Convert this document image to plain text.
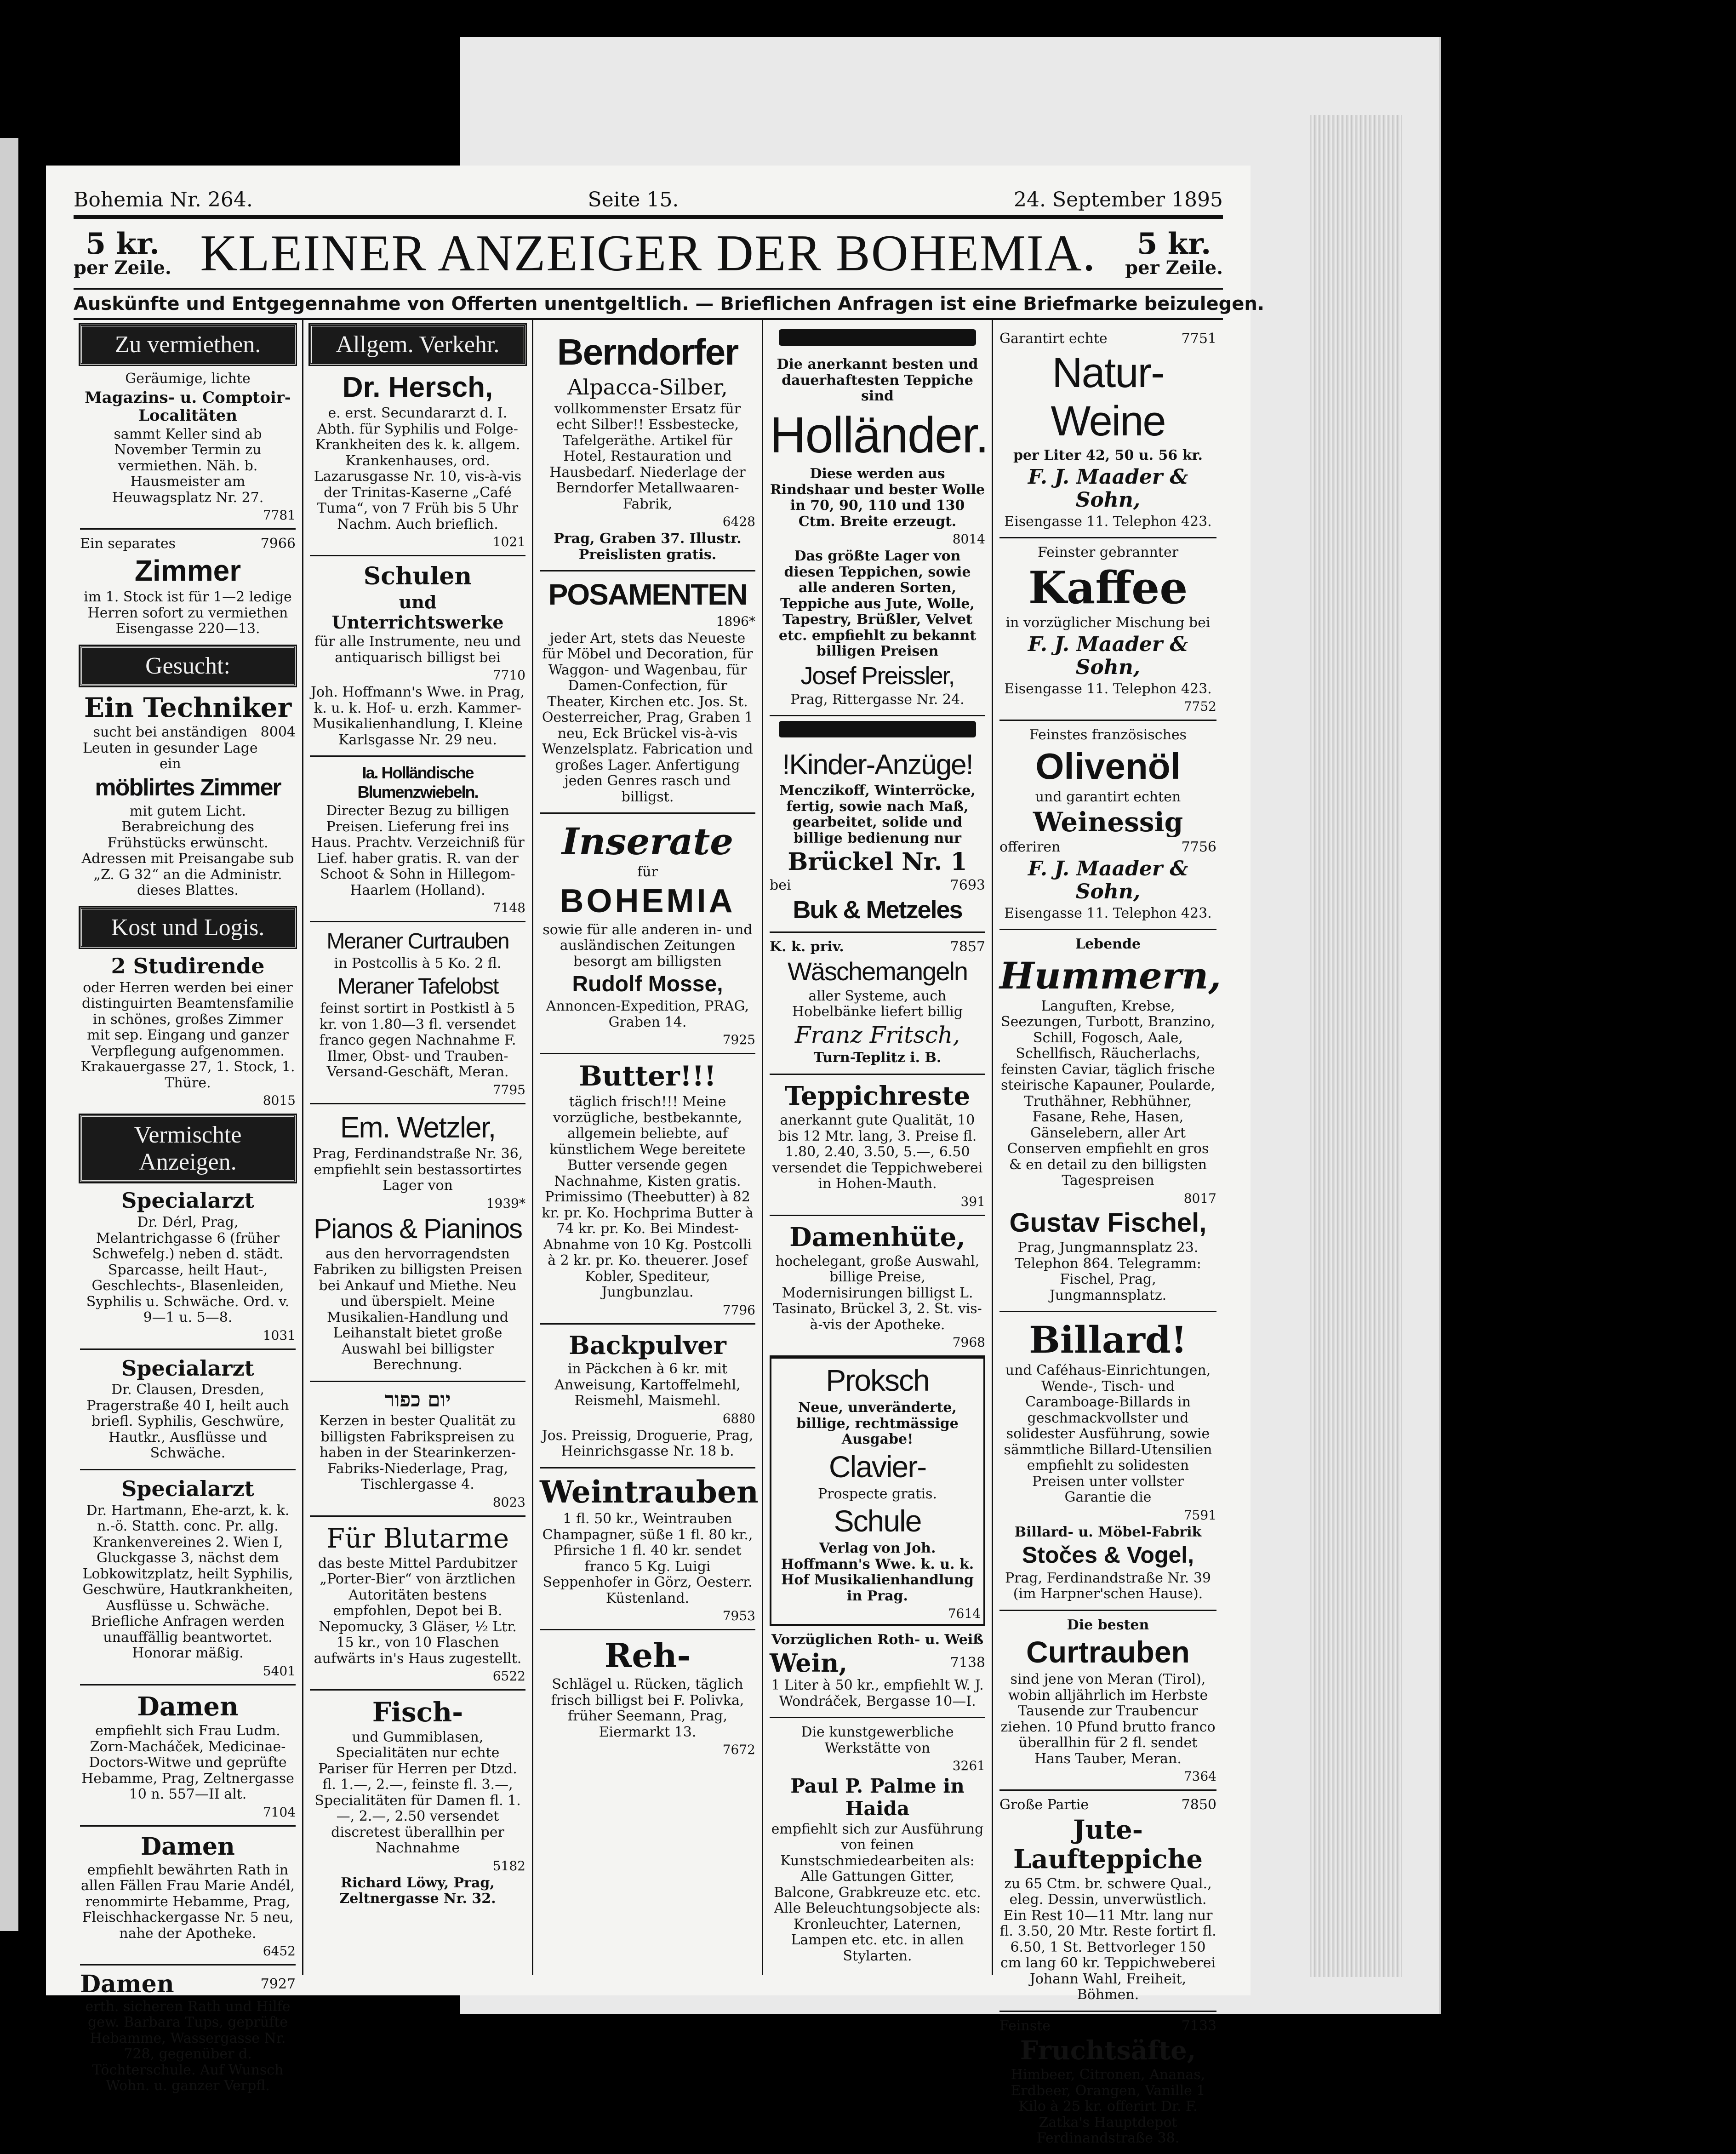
Bohemia Nr. 264.	Seite 15.	24. September 1895
5 kr.
per Zeile. KLEINER ANZEIGER DER BOHEMIA.	5 kr.
per Zeile.
Auskünfte und Entgegennahme von Offerten unentgeltlich. — Brieflichen Anfragen ist eine Briefmarke beizulegen.
Zu vermiethen.

Geräumige, lichte

Magazins- u. Comptoir-Localitäten

sammt Keller sind ab November Termin zu vermiethen. Näh. b. Hausmeister am Heuwagsplatz Nr. 27.

7781

Ein separates	7966

Zimmer

im 1. Stock ist für 1—2 ledige Herren sofort zu vermiethen Eisengasse 220—13.

Gesucht:

Ein Techniker

sucht bei anständigen Leuten in gesunder Lage ein
8004

möblirtes Zimmer

mit gutem Licht. Berabreichung des Frühstücks erwünscht. Adressen mit Preisangabe sub „Z. G 32“ an die Administr. dieses Blattes.

Kost und Logis.

2 Studirende

oder Herren werden bei einer distinguirten Beamtensfamilie in schönes, großes Zimmer mit sep. Eingang und ganzer Verpflegung aufgenommen. Krakauergasse 27, 1. Stock, 1. Thüre.

8015
Vermischte Anzeigen.

Specialarzt

Dr. Dérl, Prag, Melantrichgasse 6 (früher Schwefelg.) neben d. städt. Sparcasse, heilt Haut-, Geschlechts-, Blasenleiden, Syphilis u. Schwäche. Ord. v. 9—1 u. 5—8.

1031

Specialarzt

Dr. Clausen, Dresden, Pragerstraße 40 I, heilt auch briefl. Syphilis, Geschwüre, Hautkr., Ausflüsse und Schwäche.

Specialarzt

Dr. Hartmann, Ehe-arzt, k. k. n.-ö. Statth. conc. Pr. allg. Krankenvereines 2. Wien I, Gluckgasse 3, nächst dem Lobkowitzplatz, heilt Syphilis, Geschwüre, Hautkrankheiten, Ausflüsse u. Schwäche. Briefliche Anfragen werden unauffällig beantwortet. Honorar mäßig.

5401

Damen

empfiehlt sich Frau Ludm. Zorn-Macháček, Medicinae-Doctors-Witwe und geprüfte Hebamme, Prag, Zeltnergasse 10 n. 557—II alt.

7104

Damen

empfiehlt bewährten Rath in allen Fällen Frau Marie Andél, renommirte Hebamme, Prag, Fleischhackergasse Nr. 5 neu, nahe der Apotheke.

6452

Damen	7927

erth. sicheren Rath und Hilfe gew. Barbara Tups, geprüfte Hebamme, Wassergasse Nr. 728, gegenüber d. Töchterschule. Auf Wunsch Wohn. u. ganzer Verpfl.

Allgem. Verkehr.

Dr. Hersch,

e. erst. Secundararzt d. I. Abth. für Syphilis und Folge-Krankheiten des k. k. allgem. Krankenhauses, ord. Lazarusgasse Nr. 10, vis-à-vis der Trinitas-Kaserne „Café Tuma“, von 7 Früh bis 5 Uhr Nachm. Auch brieflich.

1021

Schulen

und Unterrichtswerke

für alle Instrumente, neu und antiquarisch billigst bei

7710

Joh. Hoffmann's Wwe. in Prag, k. u. k. Hof- u. erzh. Kammer-Musikalienhandlung, I. Kleine Karlsgasse Nr. 29 neu.

Ia. Holländische Blumenzwiebeln.

Directer Bezug zu billigen Preisen. Lieferung frei ins Haus. Prachtv. Verzeichniß für Lief. haber gratis. R. van der Schoot & Sohn in Hillegom-Haarlem (Holland).

7148

Meraner Curtrauben

in Postcollis à 5 Ko. 2 fl.

Meraner Tafelobst

feinst sortirt in Postkistl à 5 kr. von 1.80—3 fl. versendet franco gegen Nachnahme F. Ilmer, Obst- und Trauben-Versand-Geschäft, Meran.

7795

Em. Wetzler,

Prag, Ferdinandstraße Nr. 36, empfiehlt sein bestassortirtes Lager von

1939*

Pianos & Pianinos

aus den hervorragendsten Fabriken zu billigsten Preisen bei Ankauf und Miethe. Neu und überspielt. Meine Musikalien-Handlung und Leihanstalt bietet große Auswahl bei billigster Berechnung.

יום כפור

Kerzen in bester Qualität zu billigsten Fabrikspreisen zu haben in der Stearinkerzen-Fabriks-Niederlage, Prag, Tischlergasse 4.

8023

Für Blutarme

das beste Mittel Pardubitzer „Porter-Bier“ von ärztlichen Autoritäten bestens empfohlen, Depot bei B. Nepomucky, 3 Gläser, ½ Ltr. 15 kr., von 10 Flaschen aufwärts in's Haus zugestellt.

6522

Fisch-

und Gummiblasen, Specialitäten nur echte Pariser für Herren per Dtzd. fl. 1.—, 2.—, feinste fl. 3.—, Specialitäten für Damen fl. 1.—, 2.—, 2.50 versendet discretest überallhin per Nachnahme

5182

Richard Löwy, Prag, Zeltnergasse Nr. 32.

Berndorfer

Alpacca-Silber,

vollkommenster Ersatz für echt Silber!! Essbestecke, Tafelgeräthe. Artikel für Hotel, Restauration und Hausbedarf. Niederlage der Berndorfer Metallwaaren-Fabrik,

6428

Prag, Graben 37. Illustr. Preislisten gratis.

POSAMENTEN

1896*

jeder Art, stets das Neueste für Möbel und Decoration, für Waggon- und Wagenbau, für Damen-Confection, für Theater, Kirchen etc. Jos. St. Oesterreicher, Prag, Graben 1 neu, Eck Brückel vis-à-vis Wenzelsplatz. Fabrication und großes Lager. Anfertigung jeden Genres rasch und billigst.

Inserate

für

BOHEMIA

sowie für alle anderen in- und ausländischen Zeitungen besorgt am billigsten

Rudolf Mosse,

Annoncen-Expedition, PRAG, Graben 14.

7925

Butter!!!

täglich frisch!!! Meine vorzügliche, bestbekannte, allgemein beliebte, auf künstlichem Wege bereitete Butter versende gegen Nachnahme, Kisten gratis. Primissimo (Theebutter) à 82 kr. pr. Ko. Hochprima Butter à 74 kr. pr. Ko. Bei Mindest-Abnahme von 10 Kg. Postcolli à 2 kr. pr. Ko. theuerer. Josef Kobler, Spediteur, Jungbunzlau.

7796

Backpulver

in Päckchen à 6 kr. mit Anweisung, Kartoffelmehl, Reismehl, Maismehl.

6880

Jos. Preissig, Droguerie, Prag, Heinrichsgasse Nr. 18 b.

Weintrauben

1 fl. 50 kr., Weintrauben Champagner, süße 1 fl. 80 kr., Pfirsiche 1 fl. 40 kr. sendet franco 5 Kg. Luigi Seppenhofer in Görz, Oesterr. Küstenland.

7953

Reh-

Schlägel u. Rücken, täglich frisch billigst bei F. Polivka, früher Seemann, Prag, Eiermarkt 13.

7672

Die anerkannt besten und dauerhaftesten Teppiche sind

Holländer.

Diese werden aus Rindshaar und bester Wolle in 70, 90, 110 und 130 Ctm. Breite erzeugt.

8014

Das größte Lager von diesen Teppichen, sowie alle anderen Sorten, Teppiche aus Jute, Wolle, Tapestry, Brüßler, Velvet etc. empfiehlt zu bekannt billigen Preisen

Josef Preissler,

Prag, Rittergasse Nr. 24.

!Kinder-Anzüge!

Menczikoff, Winterröcke, fertig, sowie nach Maß, gearbeitet, solide und billige bedienung nur

Brückel Nr. 1

bei	7693

Buk & Metzeles

K. k. priv.	7857

Wäschemangeln

aller Systeme, auch Hobelbänke liefert billig

Franz Fritsch,

Turn-Teplitz i. B.

Teppichreste

anerkannt gute Qualität, 10 bis 12 Mtr. lang, 3. Preise fl. 1.80, 2.40, 3.50, 5.—, 6.50 versendet die Teppichweberei in Hohen-Mauth.

391

Damenhüte,

hochelegant, große Auswahl, billige Preise, Modernisirungen billigst L. Tasinato, Brückel 3, 2. St. vis-à-vis der Apotheke.

7968

Proksch

Neue, unveränderte, billige, rechtmässige Ausgabe!

Clavier-

Prospecte gratis.

Schule

Verlag von Joh. Hoffmann's Wwe. k. u. k. Hof Musikalienhandlung in Prag.

7614

Vorzüglichen Roth- u. Weiß

Wein,	7138

1 Liter à 50 kr., empfiehlt W. J. Wondráček, Bergasse 10—I.

Die kunstgewerbliche Werkstätte von

3261

Paul P. Palme in Haida

empfiehlt sich zur Ausführung von feinen Kunstschmiedearbeiten als: Alle Gattungen Gitter, Balcone, Grabkreuze etc. etc. Alle Beleuchtungsobjecte als: Kronleuchter, Laternen, Lampen etc. etc. in allen Stylarten.

Garantirt echte	7751

Natur-Weine

per Liter 42, 50 u. 56 kr.

F. J. Maader & Sohn,

Eisengasse 11. Telephon 423.

Feinster gebrannter

Kaffee

in vorzüglicher Mischung bei

F. J. Maader & Sohn,

Eisengasse 11. Telephon 423.

7752

Feinstes französisches

Olivenöl

und garantirt echten

Weinessig

offeriren	7756

F. J. Maader & Sohn,

Eisengasse 11. Telephon 423.

Lebende

Hummern,

Languften, Krebse, Seezungen, Turbott, Branzino, Schill, Fogosch, Aale, Schellfisch, Räucherlachs, feinsten Caviar, täglich frische steirische Kapauner, Poularde, Truthähner, Rebhühner, Fasane, Rehe, Hasen, Gänselebern, aller Art Conserven empfiehlt en gros & en detail zu den billigsten Tagespreisen

8017

Gustav Fischel,

Prag, Jungmannsplatz 23. Telephon 864. Telegramm: Fischel, Prag, Jungmannsplatz.

Billard!

und Caféhaus-Einrichtungen, Wende-, Tisch- und Caramboage-Billards in geschmackvollster und solidester Ausführung, sowie sämmtliche Billard-Utensilien empfiehlt zu solidesten Preisen unter vollster Garantie die

7591

Billard- u. Möbel-Fabrik

Stočes & Vogel,

Prag, Ferdinandstraße Nr. 39 (im Harpner'schen Hause).

Die besten

Curtrauben

sind jene von Meran (Tirol), wobin alljährlich im Herbste Tausende zur Traubencur ziehen. 10 Pfund brutto franco überallhin für 2 fl. sendet Hans Tauber, Meran.

7364

Große Partie	7850

Jute-Laufteppiche

zu 65 Ctm. br. schwere Qual., eleg. Dessin, unverwüstlich. Ein Rest 10—11 Mtr. lang nur fl. 3.50, 20 Mtr. Reste fortirt fl. 6.50, 1 St. Bettvorleger 150 cm lang 60 kr. Teppichweberei Johann Wahl, Freiheit, Böhmen.

Feinste	7133

Fruchtsäfte,

Himbeer, Citronen, Ananas, Erdbeer, Orangen, Vanille 1 Kilo à 25 kr. offerirt Dr. F. Zatka's Hauptdepot Ferdinandstraße 38.
